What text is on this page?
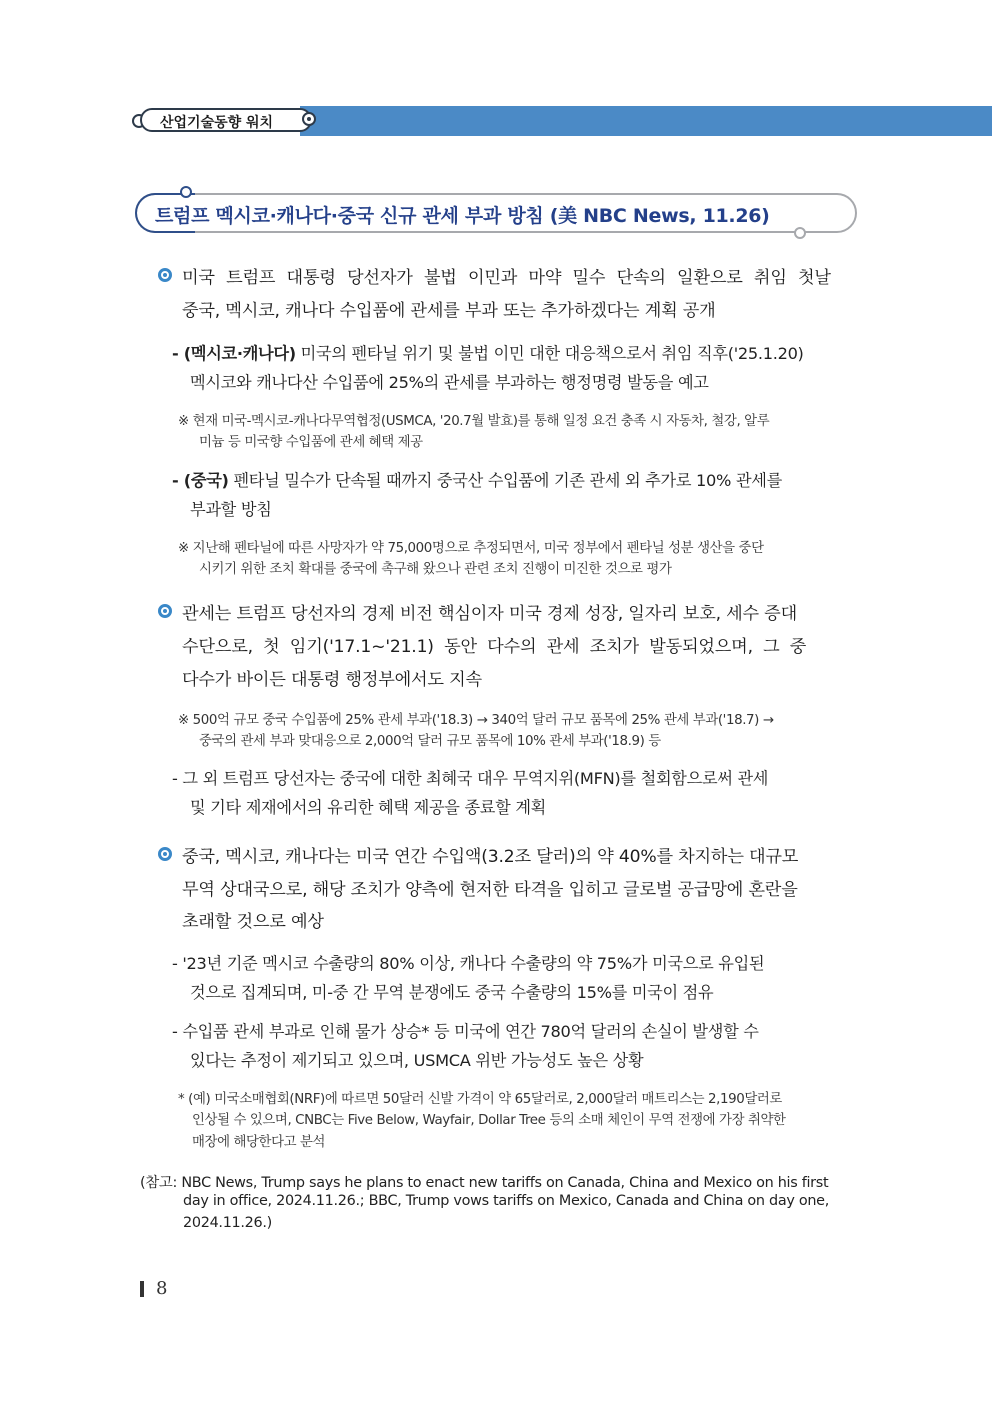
산업기술동향 워치
트럼프 멕시코·캐나다·중국 신규 관세 부과 방침 (美 NBC News, 11.26)
미국 트럼프 대통령 당선자가 불법 이민과 마약 밀수 단속의 일환으로 취임 첫날
중국, 멕시코, 캐나다 수입품에 관세를 부과 또는 추가하겠다는 계획 공개
- (멕시코·캐나다) 미국의 펜타닐 위기 및 불법 이민 대한 대응책으로서 취임 직후('25.1.20)
멕시코와 캐나다산 수입품에 25%의 관세를 부과하는 행정명령 발동을 예고
※ 현재 미국-멕시코-캐나다무역협정(USMCA, '20.7월 발효)를 통해 일정 요건 충족 시 자동차, 철강, 알루
미늄 등 미국향 수입품에 관세 혜택 제공
- (중국) 펜타닐 밀수가 단속될 때까지 중국산 수입품에 기존 관세 외 추가로 10% 관세를
부과할 방침
※ 지난해 펜타닐에 따른 사망자가 약 75,000명으로 추정되면서, 미국 정부에서 펜타닐 성분 생산을 중단
시키기 위한 조치 확대를 중국에 촉구해 왔으나 관련 조치 진행이 미진한 것으로 평가
관세는 트럼프 당선자의 경제 비전 핵심이자 미국 경제 성장, 일자리 보호, 세수 증대
수단으로, 첫 임기('17.1~'21.1) 동안 다수의 관세 조치가 발동되었으며, 그 중
다수가 바이든 대통령 행정부에서도 지속
※ 500억 규모 중국 수입품에 25% 관세 부과('18.3) → 340억 달러 규모 품목에 25% 관세 부과('18.7) →
중국의 관세 부과 맞대응으로 2,000억 달러 규모 품목에 10% 관세 부과('18.9) 등
- 그 외 트럼프 당선자는 중국에 대한 최혜국 대우 무역지위(MFN)를 철회함으로써 관세
및 기타 제재에서의 유리한 혜택 제공을 종료할 계획
중국, 멕시코, 캐나다는 미국 연간 수입액(3.2조 달러)의 약 40%를 차지하는 대규모
무역 상대국으로, 해당 조치가 양측에 현저한 타격을 입히고 글로벌 공급망에 혼란을
초래할 것으로 예상
- '23년 기준 멕시코 수출량의 80% 이상, 캐나다 수출량의 약 75%가 미국으로 유입된
것으로 집계되며, 미-중 간 무역 분쟁에도 중국 수출량의 15%를 미국이 점유
- 수입품 관세 부과로 인해 물가 상승* 등 미국에 연간 780억 달러의 손실이 발생할 수
있다는 추정이 제기되고 있으며, USMCA 위반 가능성도 높은 상황
* (예) 미국소매협회(NRF)에 따르면 50달러 신발 가격이 약 65달러로, 2,000달러 매트리스는 2,190달러로
인상될 수 있으며, CNBC는 Five Below, Wayfair, Dollar Tree 등의 소매 체인이 무역 전쟁에 가장 취약한
매장에 해당한다고 분석
(참고: NBC News, Trump says he plans to enact new tariffs on Canada, China and Mexico on his first
day in office, 2024.11.26.; BBC, Trump vows tariffs on Mexico, Canada and China on day one,
2024.11.26.)
8
